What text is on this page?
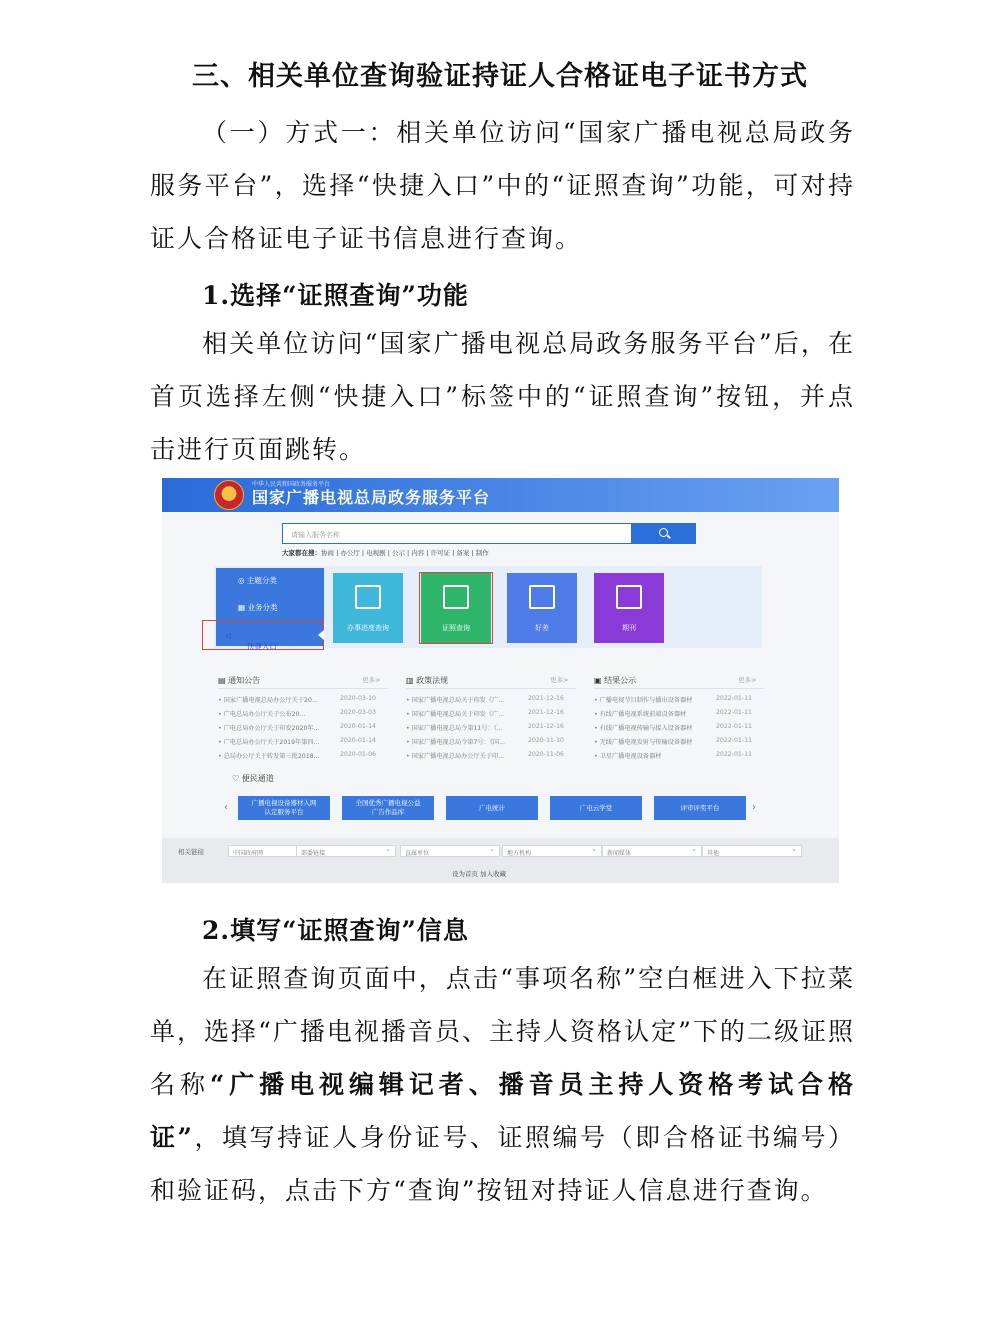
三、相关单位查询验证持证人合格证电子证书方式

（一）方式一：相关单位访问“国家广播电视总局政务服务平台”，选择“快捷入口”中的“证照查询”功能，可对持证人合格证电子证书信息进行查询。

1.选择“证照查询”功能

相关单位访问“国家广播电视总局政务服务平台”后，在首页选择左侧“快捷入口”标签中的“证照查询”按钮，并点击进行页面跳转。

中华人民共和国政务服务平台
国家广播电视总局政务服务平台
请输入服务名称
大家都在搜：协商 | 办公厅 | 电视剧 | 公示 | 内容 | 许可证 | 备案 | 制作
◎ 主题分类
▦ 业务分类
◁
快捷入口
办事进度查询	证照查询	好差	期刊
▤ 通知公告	更多>	▥ 政策法规	更多>	▣ 结果公示	更多>
• 国家广播电视总局办公厅关于20...	2020-03-10
• 广电总局办公厅关于公布20...	2020-03-03
• 广电总局办公厅关于印发2020年...	2020-01-14
• 广电总局办公厅关于2019年第四...	2020-01-14
• 总局办公厅关于转发第三批2018...	2020-01-06
• 国家广播电视总局关于印发《广...	2021-12-16
• 国家广播电视总局关于印发《广...	2021-12-16
• 国家广播电视总局令第11号：《...	2021-12-16
• 国家广播电视总局令第7号：《国...	2020-11-10
• 国家广播电视总局办公厅关于印...	2020-11-06
• 广播电视节目制作与播出设备器材	2022-01-11
• 有线广播电视系统前端设备器材	2022-01-11
• 有线广播电视传输与接入设备器材	2022-01-11
• 无线广播电视发射与传输设备器材	2022-01-11
• 卫星广播电视设备器材	2022-01-11
♡ 便民通道
‹	广播电视设备器材入网
认定服务平台
全国优秀广播电视公益
广告作品库	广电统计	广电云学堂	评审评奖平台	›
相关链接	中国政府网 ⌄	部委链接 ⌄	直属单位 ⌄	地方机构 ⌄	新闻媒体 ⌄	其他 ⌄
设为首页 加入收藏
2.填写“证照查询”信息

在证照查询页面中，点击“事项名称”空白框进入下拉菜单，选择“广播电视播音员、主持人资格认定”下的二级证照名称“广播电视编辑记者、播音员主持人资格考试合格证”，填写持证人身份证号、证照编号（即合格证书编号）和验证码，点击下方“查询”按钮对持证人信息进行查询。
